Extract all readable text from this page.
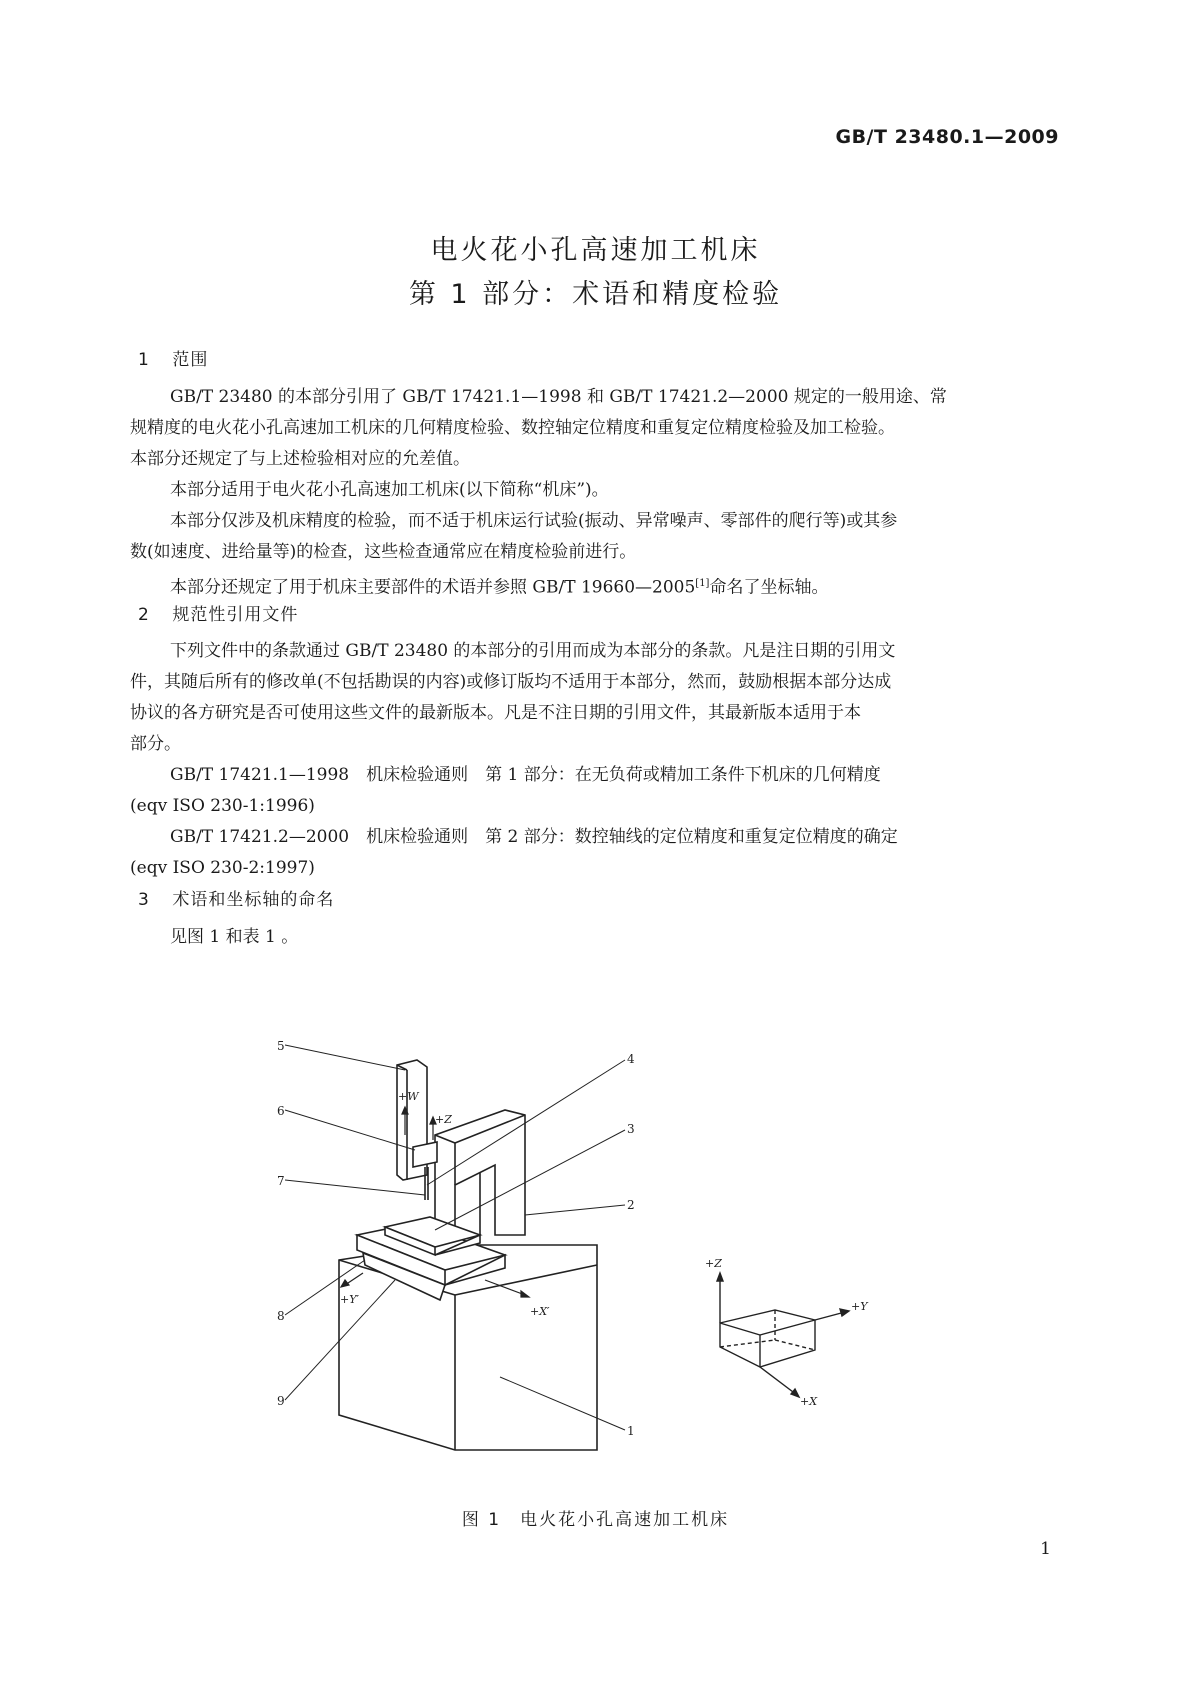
GB/T 23480.1—2009
电火花小孔高速加工机床
第 1 部分：术语和精度检验
1 范围
GB/T 23480 的本部分引用了 GB/T 17421.1—1998 和 GB/T 17421.2—2000 规定的一般用途、常
规精度的电火花小孔高速加工机床的几何精度检验、数控轴定位精度和重复定位精度检验及加工检验。
本部分还规定了与上述检验相对应的允差值。
本部分适用于电火花小孔高速加工机床(以下简称“机床”)。
本部分仅涉及机床精度的检验，而不适于机床运行试验(振动、异常噪声、零部件的爬行等)或其参
数(如速度、进给量等)的检查，这些检查通常应在精度检验前进行。
本部分还规定了用于机床主要部件的术语并参照 GB/T 19660—2005[1]命名了坐标轴。
2 规范性引用文件
下列文件中的条款通过 GB/T 23480 的本部分的引用而成为本部分的条款。凡是注日期的引用文
件，其随后所有的修改单(不包括勘误的内容)或修订版均不适用于本部分，然而，鼓励根据本部分达成
协议的各方研究是否可使用这些文件的最新版本。凡是不注日期的引用文件，其最新版本适用于本
部分。
GB/T 17421.1—1998　机床检验通则　第 1 部分：在无负荷或精加工条件下机床的几何精度
(eqv ISO 230-1:1996)
GB/T 17421.2—2000　机床检验通则　第 2 部分：数控轴线的定位精度和重复定位精度的确定
(eqv ISO 230-2:1997)
3 术语和坐标轴的命名
见图 1 和表 1 。
5
6
7
8
9
4
3
2
1
+W
+Z
+Y′
+X′
+Z
+Y
+X
图 1　电火花小孔高速加工机床
1
